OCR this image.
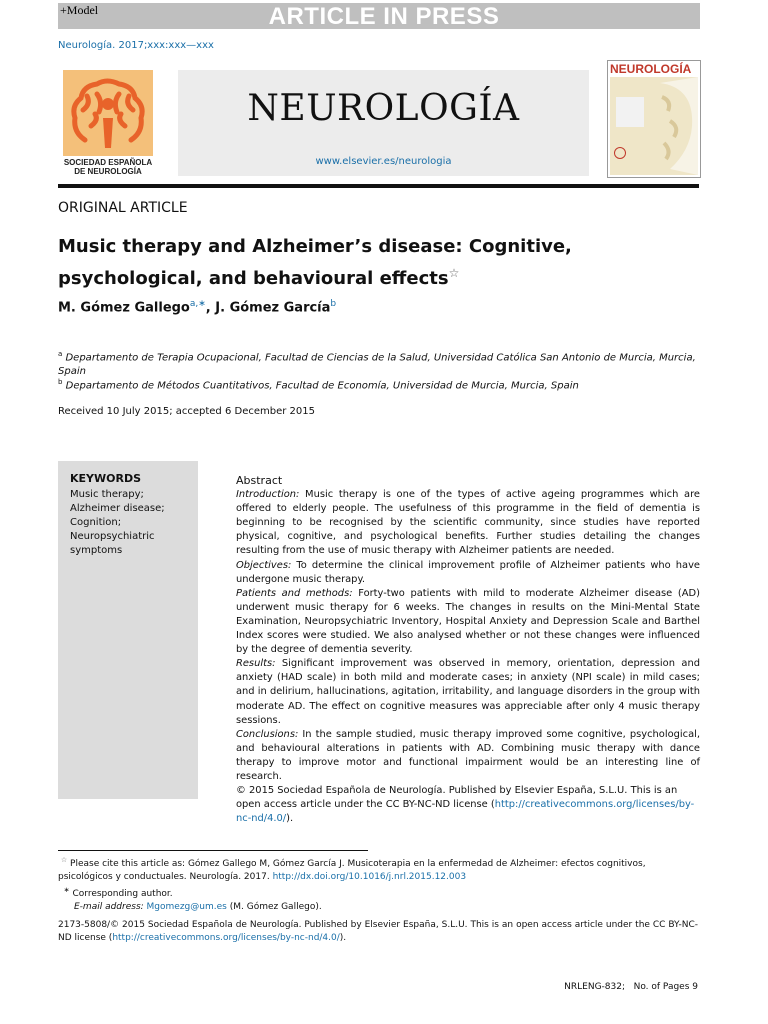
+Model	ARTICLE IN PRESS
Neurología. 2017;xxx:xxx—xxx
SOCIEDAD ESPAÑOLA DE NEUROLOGÍA
NEUROLOGÍA
www.elsevier.es/neurologia
NEUROLOGÍA
ORIGINAL ARTICLE
Music therapy and Alzheimer’s disease: Cognitive, psychological, and behavioural effects☆
M. Gómez Gallego$^{a,∗}$, J. Gómez García$^b$
$^a$ Departamento de Terapia Ocupacional, Facultad de Ciencias de la Salud, Universidad Católica San Antonio de Murcia, Murcia, Spain
$^b$ Departamento de Métodos Cuantitativos, Facultad de Economía, Universidad de Murcia, Murcia, Spain
Received 10 July 2015; accepted 6 December 2015
KEYWORDS
Music therapy;
Alzheimer disease;
Cognition;
Neuropsychiatric symptoms
Abstract

Introduction: Music therapy is one of the types of active ageing programmes which are offered to elderly people. The usefulness of this programme in the field of dementia is beginning to be recognised by the scientific community, since studies have reported physical, cognitive, and psychological benefits. Further studies detailing the changes resulting from the use of music therapy with Alzheimer patients are needed.

Objectives: To determine the clinical improvement profile of Alzheimer patients who have undergone music therapy.

Patients and methods: Forty-two patients with mild to moderate Alzheimer disease (AD) underwent music therapy for 6 weeks. The changes in results on the Mini-Mental State Examination, Neuropsychiatric Inventory, Hospital Anxiety and Depression Scale and Barthel Index scores were studied. We also analysed whether or not these changes were influenced by the degree of dementia severity.

Results: Significant improvement was observed in memory, orientation, depression and anxiety (HAD scale) in both mild and moderate cases; in anxiety (NPI scale) in mild cases; and in delirium, hallucinations, agitation, irritability, and language disorders in the group with moderate AD. The effect on cognitive measures was appreciable after only 4 music therapy sessions.

Conclusions: In the sample studied, music therapy improved some cognitive, psychological, and behavioural alterations in patients with AD. Combining music therapy with dance therapy to improve motor and functional impairment would be an interesting line of research.

© 2015 Sociedad Española de Neurología. Published by Elsevier España, S.L.U. This is an open access article under the CC BY-NC-ND license (http://creativecommons.org/licenses/by-nc-nd/4.0/).

☆ Please cite this article as: Gómez Gallego M, Gómez García J. Musicoterapia en la enfermedad de Alzheimer: efectos cognitivos, psicológicos y conductuales. Neurología. 2017. http://dx.doi.org/10.1016/j.nrl.2015.12.003
∗ Corresponding author.
E-mail address: Mgomezg@um.es (M. Gómez Gallego).
2173-5808/© 2015 Sociedad Española de Neurología. Published by Elsevier España, S.L.U. This is an open access article under the CC BY-NC-ND license (http://creativecommons.org/licenses/by-nc-nd/4.0/).
NRLENG-832;   No. of Pages 9
